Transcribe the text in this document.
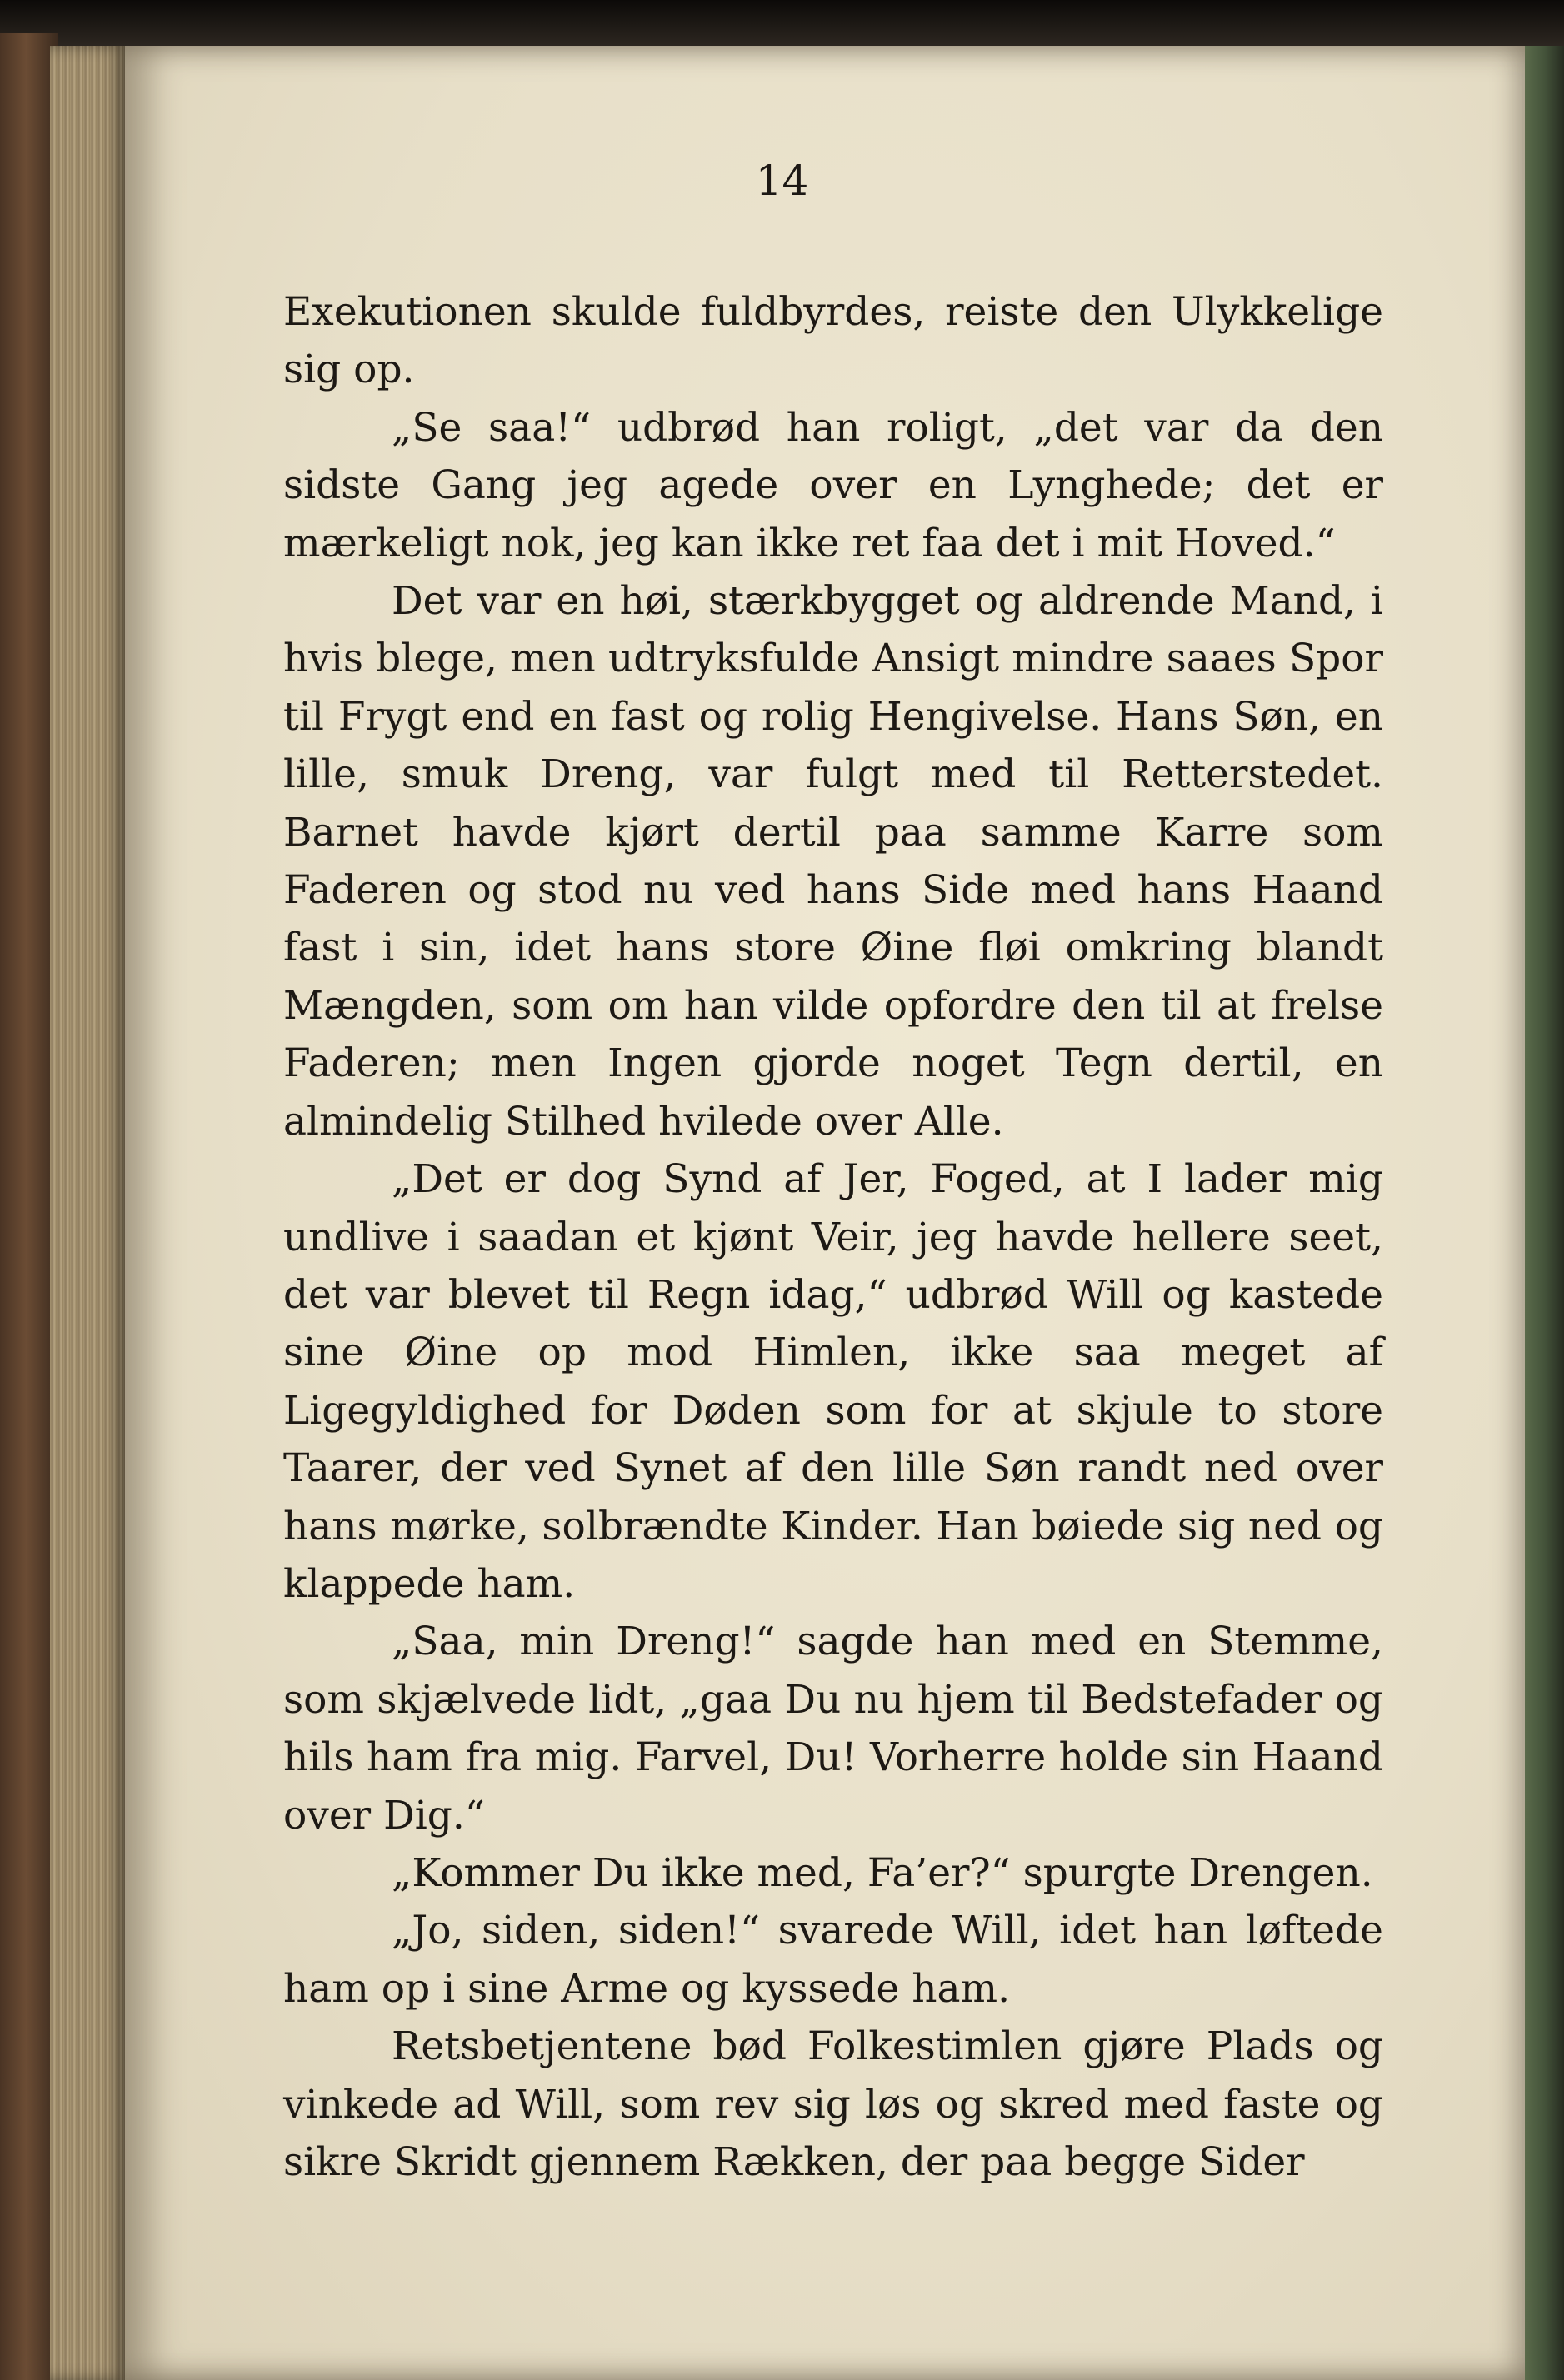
14

Exekutionen skulde fuldbyrdes, reiste den Ulykkelige sig op.

„Se saa!“ udbrød han roligt, „det var da den sidste Gang jeg agede over en Lynghede; det er mærkeligt nok, jeg kan ikke ret faa det i mit Hoved.“

Det var en høi, stærkbygget og aldrende Mand, i hvis blege, men udtryksfulde Ansigt mindre saaes Spor til Frygt end en fast og rolig Hengivelse. Hans Søn, en lille, smuk Dreng, var fulgt med til Retterstedet. Barnet havde kjørt dertil paa samme Karre som Faderen og stod nu ved hans Side med hans Haand fast i sin, idet hans store Øine fløi omkring blandt Mængden, som om han vilde opfordre den til at frelse Faderen; men Ingen gjorde noget Tegn dertil, en almindelig Stilhed hvilede over Alle.

„Det er dog Synd af Jer, Foged, at I lader mig undlive i saadan et kjønt Veir, jeg havde hellere seet, det var blevet til Regn idag,“ udbrød Will og kastede sine Øine op mod Himlen, ikke saa meget af Ligegyldighed for Døden som for at skjule to store Taarer, der ved Synet af den lille Søn randt ned over hans mørke, solbrændte Kinder. Han bøiede sig ned og klappede ham.

„Saa, min Dreng!“ sagde han med en Stemme, som skjælvede lidt, „gaa Du nu hjem til Bedstefader og hils ham fra mig. Farvel, Du! Vorherre holde sin Haand over Dig.“

„Kommer Du ikke med, Fa’er?“ spurgte Drengen.

„Jo, siden, siden!“ svarede Will, idet han løftede ham op i sine Arme og kyssede ham.

Retsbetjentene bød Folkestimlen gjøre Plads og vinkede ad Will, som rev sig løs og skred med faste og sikre Skridt gjennem Rækken, der paa begge Sider
